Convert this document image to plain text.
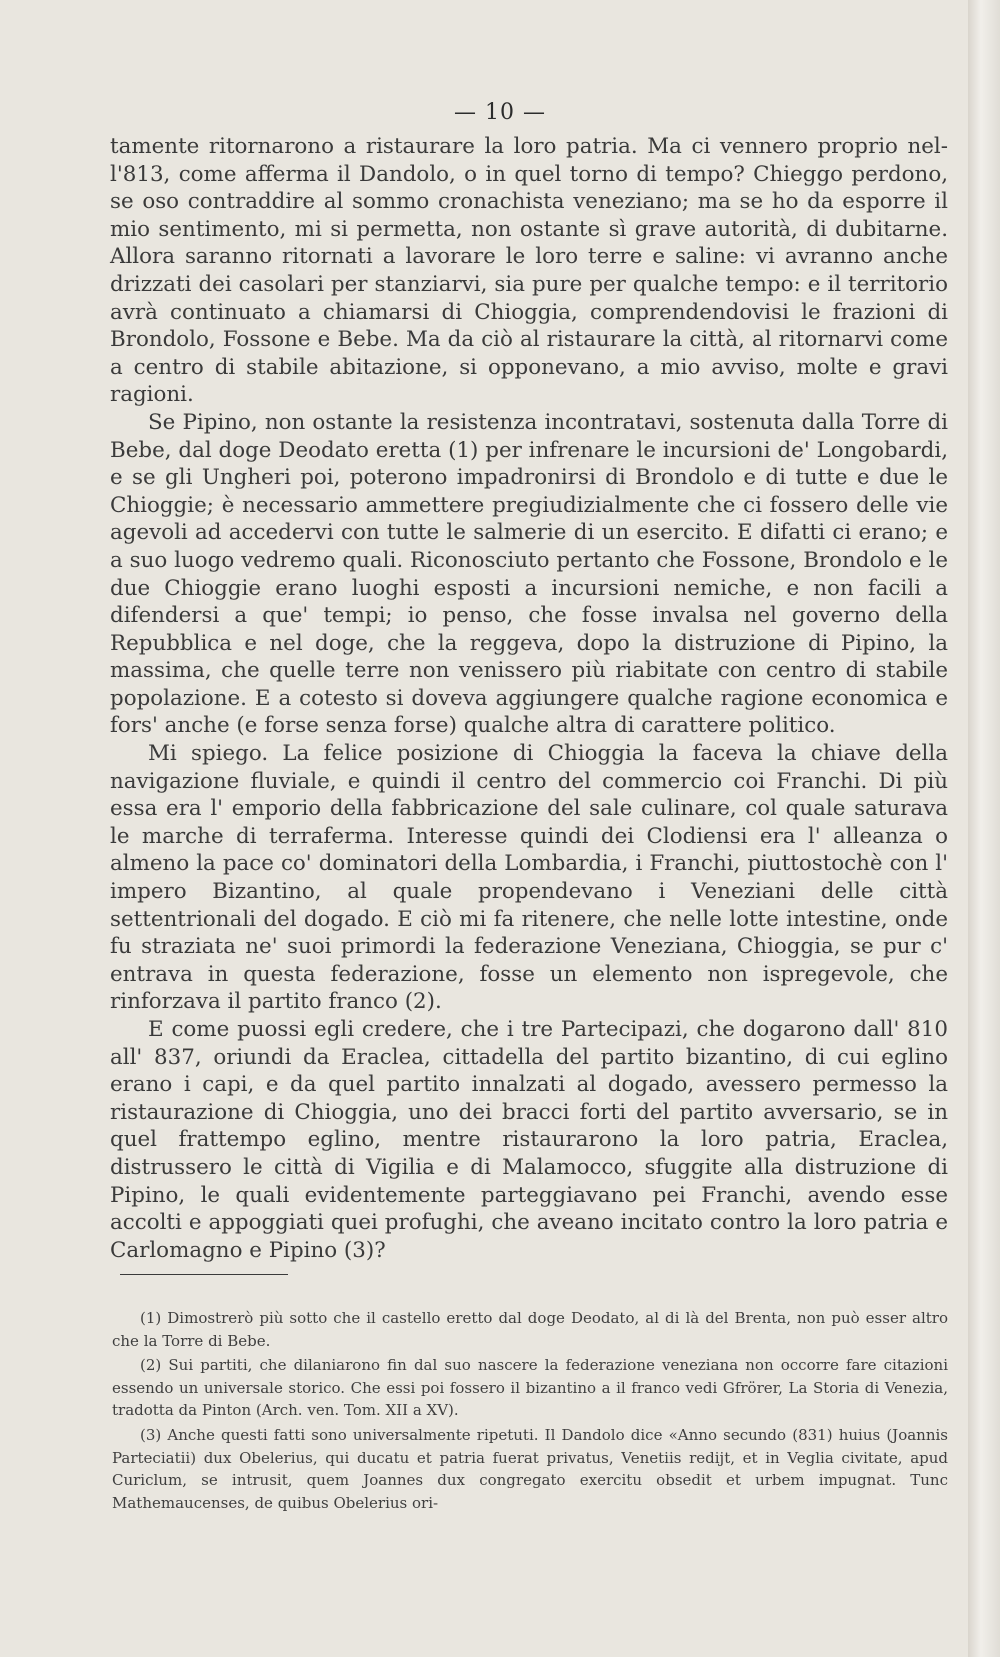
— 10 —

tamente ritornarono a ristaurare la loro patria. Ma ci vennero proprio nel- l'813, come afferma il Dandolo, o in quel torno di tempo? Chieggo perdono, se oso contraddire al sommo cronachista veneziano; ma se ho da esporre il mio sentimento, mi si permetta, non ostante sì grave autorità, di dubitarne. Allora saranno ritornati a lavorare le loro terre e saline: vi avranno anche drizzati dei casolari per stanziarvi, sia pure per qualche tempo: e il territorio avrà continuato a chiamarsi di Chioggia, comprendendovisi le frazioni di Brondolo, Fossone e Bebe. Ma da ciò al ristaurare la città, al ritornarvi come a centro di stabile abitazione, si opponevano, a mio avviso, molte e gravi ragioni.

Se Pipino, non ostante la resistenza incontratavi, sostenuta dalla Torre di Bebe, dal doge Deodato eretta (1) per infrenare le incursioni de' Longobardi, e se gli Ungheri poi, poterono impadronirsi di Brondolo e di tutte e due le Chioggie; è necessario ammettere pregiudizialmente che ci fossero delle vie agevoli ad accedervi con tutte le salmerie di un esercito. E difatti ci erano; e a suo luogo vedremo quali. Riconosciuto pertanto che Fossone, Brondolo e le due Chioggie erano luoghi esposti a incursioni nemiche, e non facili a difendersi a que' tempi; io penso, che fosse invalsa nel governo della Repubblica e nel doge, che la reggeva, dopo la distruzione di Pipino, la massima, che quelle terre non venissero più riabitate con centro di stabile popolazione. E a cotesto si doveva aggiungere qualche ragione economica e fors' anche (e forse senza forse) qualche altra di carattere politico.

Mi spiego. La felice posizione di Chioggia la faceva la chiave della navigazione fluviale, e quindi il centro del commercio coi Franchi. Di più essa era l' emporio della fabbricazione del sale culinare, col quale saturava le marche di terraferma. Interesse quindi dei Clodiensi era l' alleanza o almeno la pace co' dominatori della Lombardia, i Franchi, piuttostochè con l' impero Bizantino, al quale propendevano i Veneziani delle città settentrionali del dogado. E ciò mi fa ritenere, che nelle lotte intestine, onde fu straziata ne' suoi primordi la federazione Veneziana, Chioggia, se pur c' entrava in questa federazione, fosse un elemento non ispregevole, che rinforzava il partito franco (2).

E come puossi egli credere, che i tre Partecipazi, che dogarono dall' 810 all' 837, oriundi da Eraclea, cittadella del partito bizantino, di cui eglino erano i capi, e da quel partito innalzati al dogado, avessero permesso la ristaurazione di Chioggia, uno dei bracci forti del partito avversario, se in quel frattempo eglino, mentre ristaurarono la loro patria, Eraclea, distrussero le città di Vigilia e di Malamocco, sfuggite alla distruzione di Pipino, le quali evidentemente parteggiavano pei Franchi, avendo esse accolti e appoggiati quei profughi, che aveano incitato contro la loro patria e Carlomagno e Pipino (3)?

(1) Dimostrerò più sotto che il castello eretto dal doge Deodato, al di là del Brenta, non può esser altro che la Torre di Bebe.

(2) Sui partiti, che dilaniarono fin dal suo nascere la federazione veneziana non occorre fare citazioni essendo un universale storico. Che essi poi fossero il bizantino a il franco vedi Gfrörer, La Storia di Venezia, tradotta da Pinton (Arch. ven. Tom. XII a XV).

(3) Anche questi fatti sono universalmente ripetuti. Il Dandolo dice «Anno secundo (831) huius (Joannis Parteciatii) dux Obelerius, qui ducatu et patria fuerat privatus, Venetiis redijt, et in Veglia civitate, apud Curiclum, se intrusit, quem Joannes dux congregato exercitu obsedit et urbem impugnat. Tunc Mathemaucenses, de quibus Obelerius ori-
